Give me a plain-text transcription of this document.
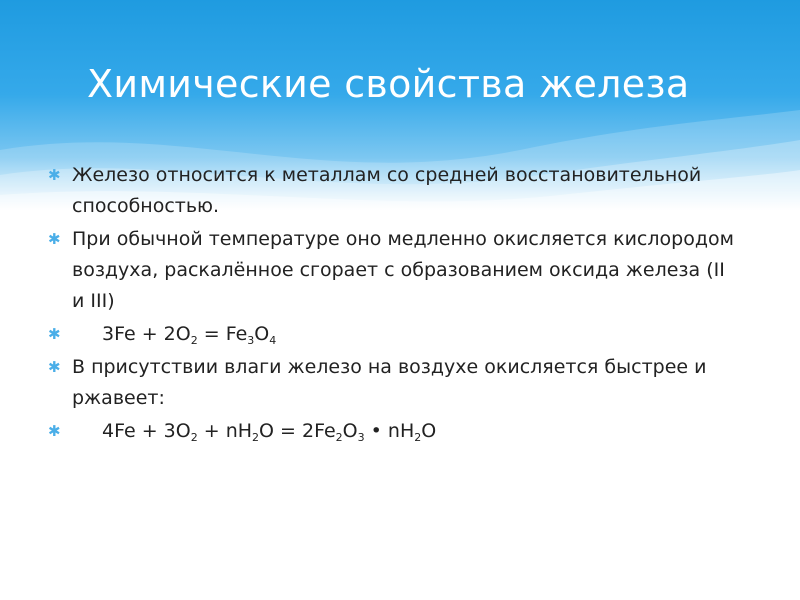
Химические свойства железа
✱ Железо относится к металлам со средней восстановительной способностью.
✱ При обычной температуре оно медленно окисляется кислородом воздуха, раскалённое сгорает с образованием оксида железа (II и III)
✱ $3Fe + 2O_2 = Fe_3O_4$
✱ В присутствии влаги железо на воздухе окисляется быстрее и ржавеет:
✱ $4Fe + 3O_2 + nH_2O = 2Fe_2O_3$ • $nH_2O$
